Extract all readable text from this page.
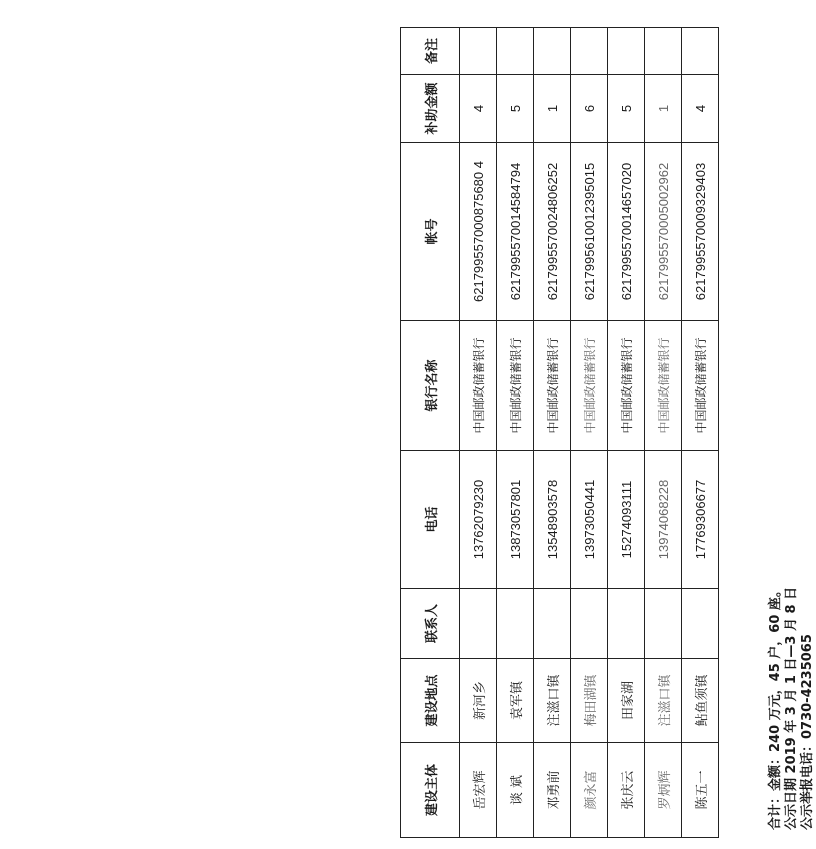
建设主体	建设地点	联系人	电话	银行名称	帐号	补助金额	备注
岳宏辉	新河乡		13762079230	中国邮政储蓄银行	621799557000875680 4	4	
谈 斌	袁军镇		13873057801	中国邮政储蓄银行	6217995570014584794	5	
邓勇前	注滋口镇		13548903578	中国邮政储蓄银行	6217995570024806252	1	
颜永富	梅田湖镇		13973050441	中国邮政储蓄银行	6217995610012395015	6	
张庆云	田家湖		15274093111	中国邮政储蓄银行	6217995570014657020	5	
罗炳辉	注滋口镇		13974068228	中国邮政储蓄银行	6217995570005002962	1	
陈五一	鲇鱼须镇		17769306677	中国邮政储蓄银行	6217995570009329403	4	
合计：金额：240 万元，45 户，60 座。 公示日期 2019 年 3 月 1 日—3 月 8 日 公示举报电话：0730-4235065
